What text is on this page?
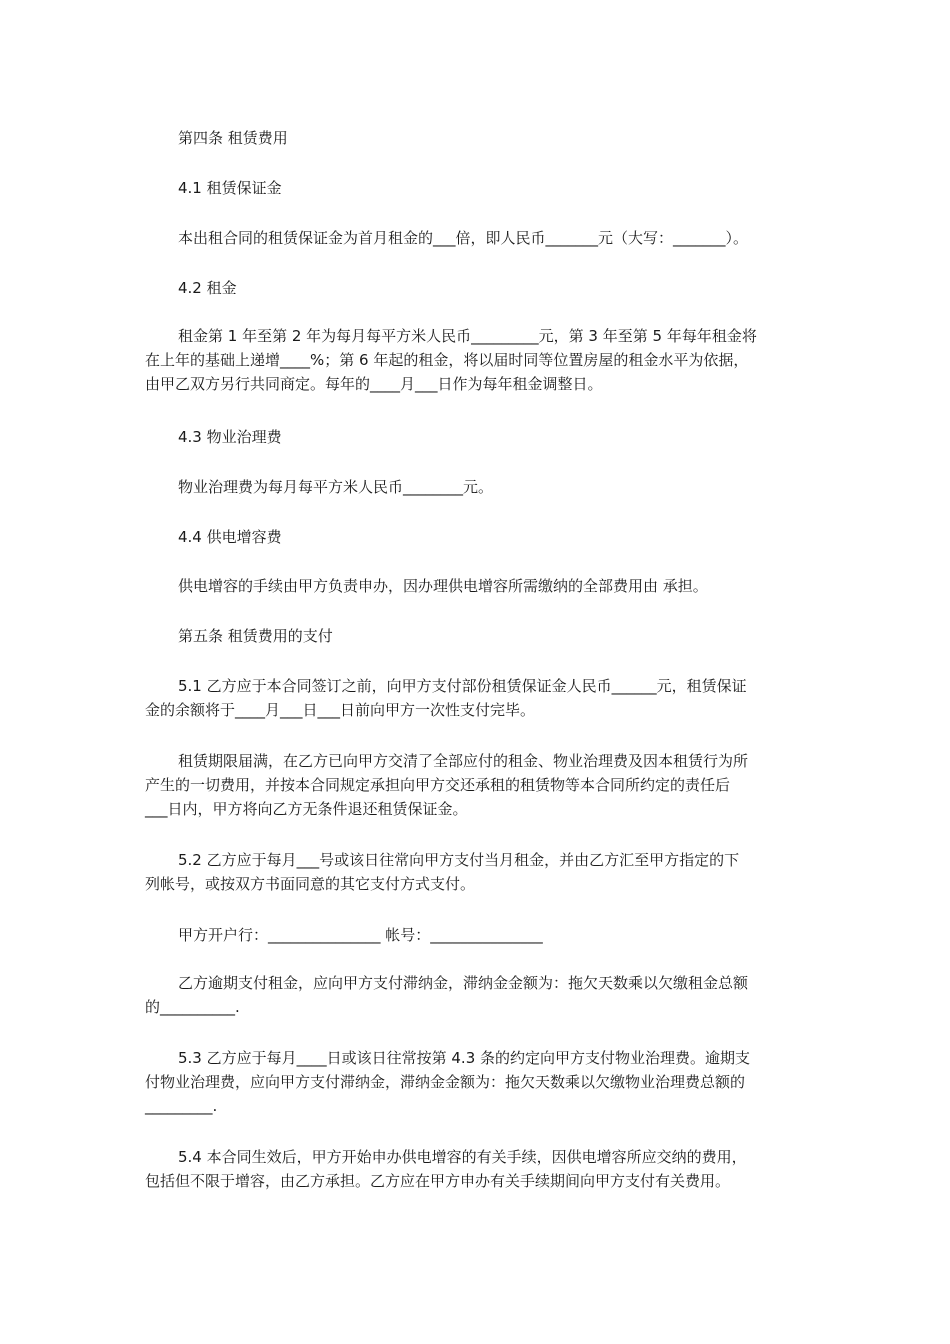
第四条 租赁费用

4.1 租赁保证金

本出租合同的租赁保证金为首月租金的___倍，即人民币_______元（大写：_______）。

4.2 租金

租金第 1 年至第 2 年为每月每平方米人民币_________元，第 3 年至第 5 年每年租金将
在上年的基础上递增____%；第 6 年起的租金，将以届时同等位置房屋的租金水平为依据，
由甲乙双方另行共同商定。每年的____月___日作为每年租金调整日。

4.3 物业治理费

物业治理费为每月每平方米人民币________元。

4.4 供电增容费

供电增容的手续由甲方负责申办，因办理供电增容所需缴纳的全部费用由 承担。

第五条 租赁费用的支付

5.1 乙方应于本合同签订之前，向甲方支付部份租赁保证金人民币______元，租赁保证
金的余额将于____月___日___日前向甲方一次性支付完毕。
租赁期限届满，在乙方已向甲方交清了全部应付的租金、物业治理费及因本租赁行为所
产生的一切费用，并按本合同规定承担向甲方交还承租的租赁物等本合同所约定的责任后
___日内，甲方将向乙方无条件退还租赁保证金。
5.2 乙方应于每月___号或该日往常向甲方支付当月租金，并由乙方汇至甲方指定的下
列帐号，或按双方书面同意的其它支付方式支付。

甲方开户行：_______________ 帐号：_______________

乙方逾期支付租金，应向甲方支付滞纳金，滞纳金金额为：拖欠天数乘以欠缴租金总额
的__________.
5.3 乙方应于每月____日或该日往常按第 4.3 条的约定向甲方支付物业治理费。逾期支
付物业治理费，应向甲方支付滞纳金，滞纳金金额为：拖欠天数乘以欠缴物业治理费总额的
_________.
5.4 本合同生效后，甲方开始申办供电增容的有关手续，因供电增容所应交纳的费用，
包括但不限于增容，由乙方承担。乙方应在甲方申办有关手续期间向甲方支付有关费用。
